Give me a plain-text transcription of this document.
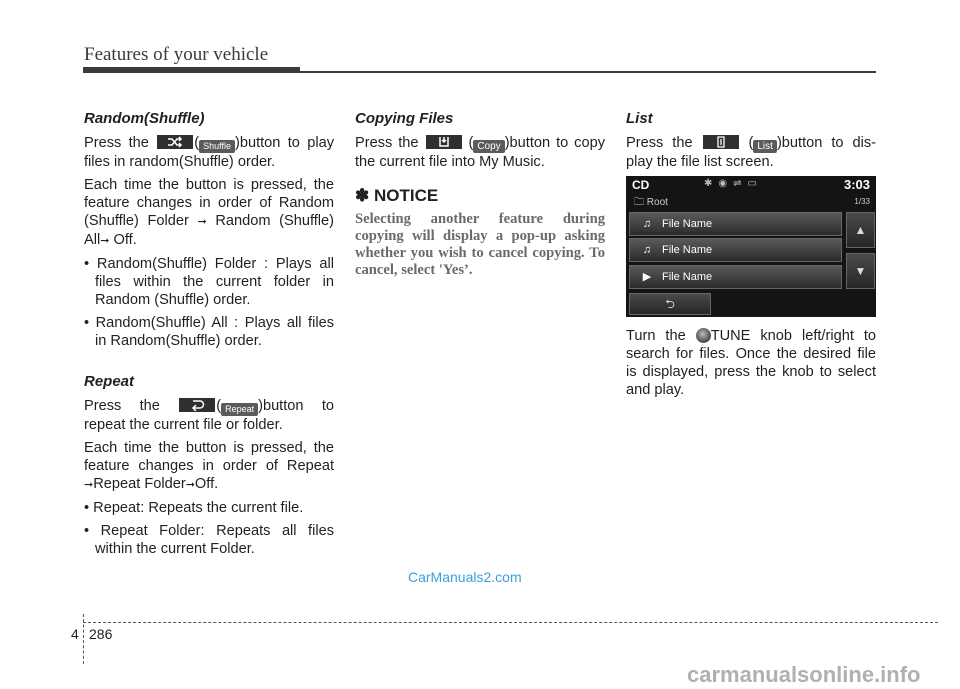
Features of your vehicle
Random(Shuffle)

Press the	( Shuffle )button to play files in random(Shuffle) order.

Each time the button is pressed, the feature changes in order of Random (Shuffle) Folder ➞ Random (Shuffle) All➞ Off.

• Random(Shuffle) Folder : Plays all files within the current folder in Random (Shuffle) order.

• Random(Shuffle) All : Plays all files in Random(Shuffle) order.

Repeat

Press the	( Repeat )button to repeat the current file or folder.

Each time the button is pressed, the feature changes in order of Repeat ➞Repeat Folder➞Off.

• Repeat: Repeats the current file.

• Repeat Folder: Repeats all files within the current Folder.

Copying Files

Press the	( Copy )button to copy the current file into My Music.

✽ NOTICE
Selecting another feature during copying will display a pop-up asking whether you wish to cancel copying. To cancel, select 'Yes’.
List

Press the	( List )button to dis-play the file list screen.

CD	✱◉⇌▭	3:03
🗀 Root	1/33
♫ File Name
♫ File Name
▶ File Name
▲
▼
⮌

Turn the TUNE knob left/right to search for files. Once the desired file is displayed, press the knob to select and play.

CarManuals2.com
4 286
carmanualsonline.info
